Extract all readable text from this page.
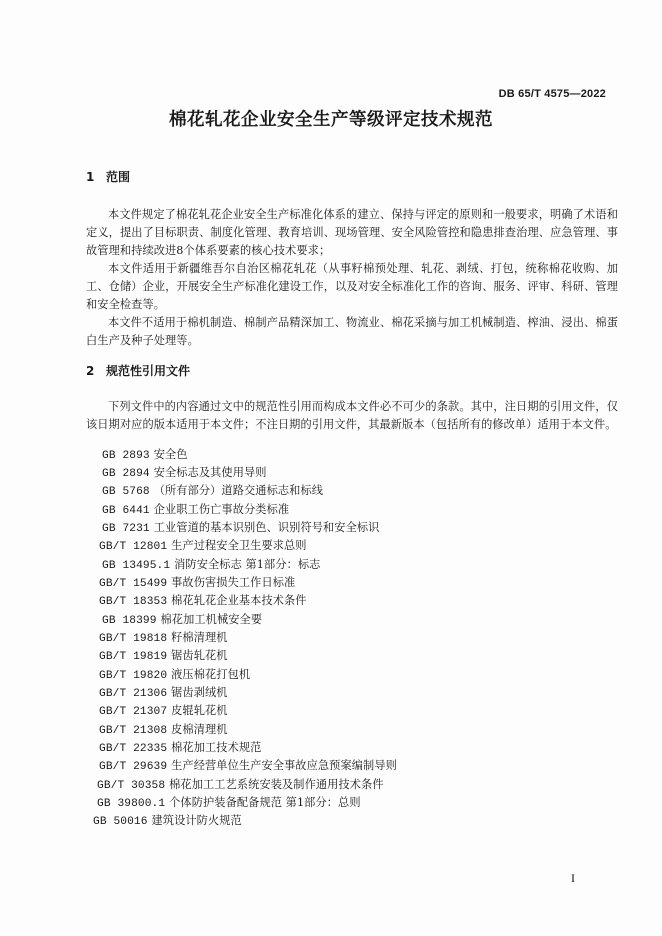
DB 65/T 4575—2022
棉花轧花企业安全生产等级评定技术规范
1 范围

本文件规定了棉花轧花企业安全生产标准化体系的建立、保持与评定的原则和一般要求，明确了术语和定义，提出了目标职责、制度化管理、教育培训、现场管理、安全风险管控和隐患排查治理、应急管理、事故管理和持续改进8个体系要素的核心技术要求；

本文件适用于新疆维吾尔自治区棉花轧花（从事籽棉预处理、轧花、剥绒、打包，统称棉花收购、加工、仓储）企业，开展安全生产标准化建设工作，以及对安全标准化工作的咨询、服务、评审、科研、管理和安全检查等。

本文件不适用于棉机制造、棉制产品精深加工、物流业、棉花采摘与加工机械制造、榨油、浸出、棉蛋白生产及种子处理等。

2 规范性引用文件

下列文件中的内容通过文中的规范性引用而构成本文件必不可少的条款。其中，注日期的引用文件，仅该日期对应的版本适用于本文件；不注日期的引用文件，其最新版本（包括所有的修改单）适用于本文件。

GB 2893 安全色
GB 2894 安全标志及其使用导则
GB 5768 （所有部分）道路交通标志和标线
GB 6441 企业职工伤亡事故分类标准
GB 7231 工业管道的基本识别色、识别符号和安全标识
GB/T 12801 生产过程安全卫生要求总则
GB 13495.1 消防安全标志 第1部分：标志
GB/T 15499 事故伤害损失工作日标准
GB/T 18353 棉花轧花企业基本技术条件
GB 18399 棉花加工机械安全要
GB/T 19818 籽棉清理机
GB/T 19819 锯齿轧花机
GB/T 19820 液压棉花打包机
GB/T 21306 锯齿剥绒机
GB/T 21307 皮辊轧花机
GB/T 21308 皮棉清理机
GB/T 22335 棉花加工技术规范
GB/T 29639 生产经营单位生产安全事故应急预案编制导则
GB/T 30358 棉花加工工艺系统安装及制作通用技术条件
GB 39800.1 个体防护装备配备规范 第1部分：总则
GB 50016 建筑设计防火规范
I
